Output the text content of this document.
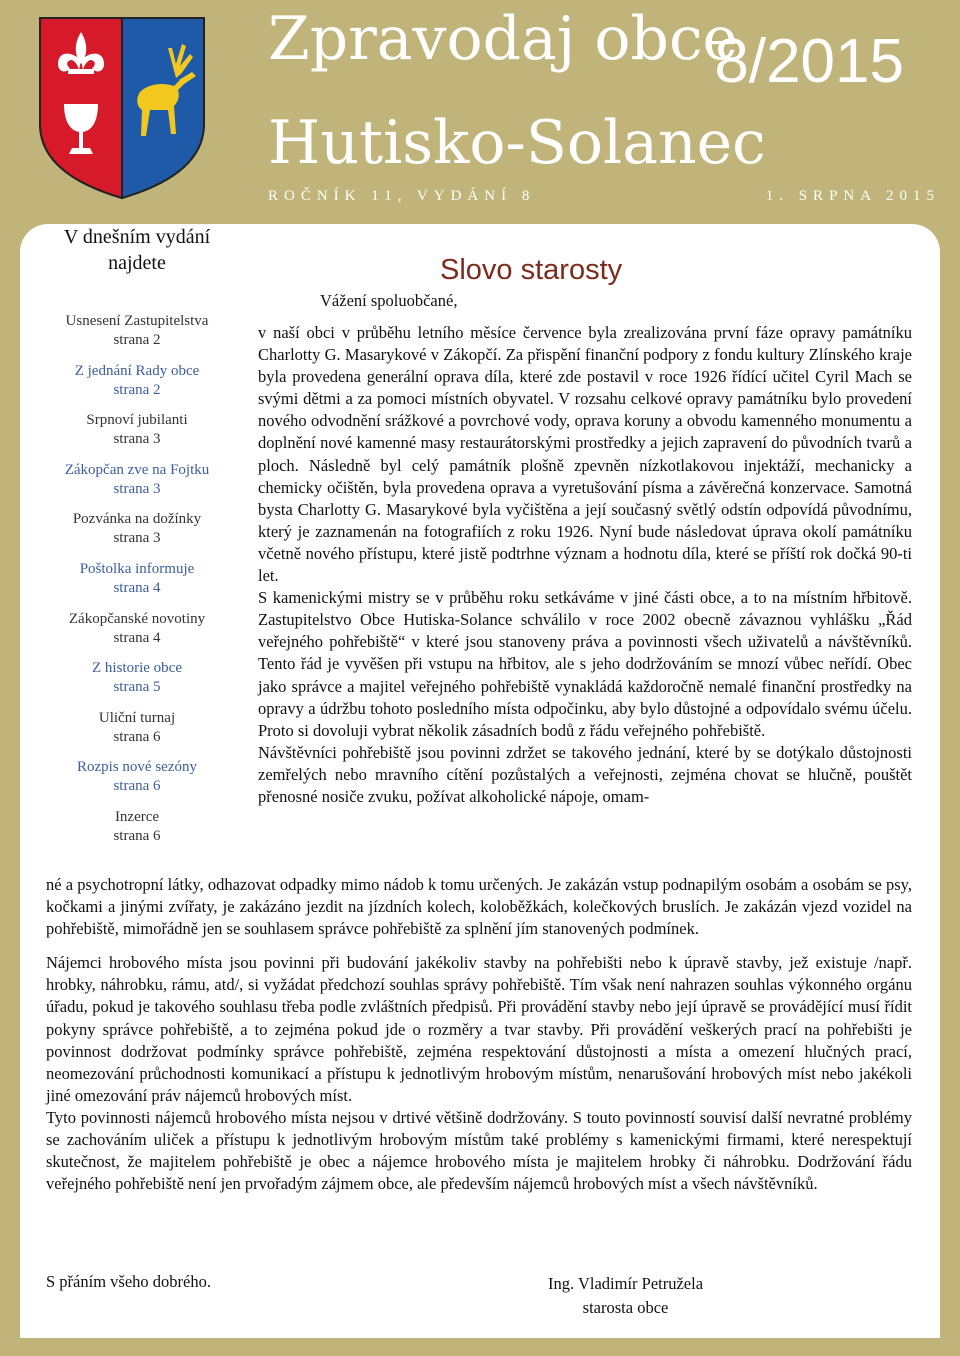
Zpravodaj obce
Hutisko-Solanec
8/2015
ROČNÍK 11, VYDÁNÍ 8	1. SRPNA 2015
V dnešním vydání najdete
Usnesení Zastupitelstva
strana 2
Z jednání Rady obce
strana 2
Srpnoví jubilanti
strana 3
Zákopčan zve na Fojtku
strana 3
Pozvánka na dožínky
strana 3
Poštolka informuje
strana 4
Zákopčanské novotiny
strana 4
Z historie obce
strana 5
Uliční turnaj
strana 6
Rozpis nové sezóny
strana 6
Inzerce
strana 6
Slovo starosty
Vážení spoluobčané,

v naší obci v průběhu letního měsíce července byla zrealizována první fáze opravy památníku Charlotty G. Masarykové v Zákopčí. Za přispění finanční podpory z fondu kultury Zlínského kraje byla provedena generální oprava díla, které zde postavil v roce 1926 řídící učitel Cyril Mach se svými dětmi a za pomoci místních obyvatel. V rozsahu celkové opravy památníku bylo provedení nového odvodnění srážkové a povrchové vody, oprava koruny a obvodu kamenného monumentu a doplnění nové kamenné masy restaurátorskými prostředky a jejich zapravení do původních tvarů a ploch. Následně byl celý památník plošně zpevněn nízkotlakovou injektáží, mechanicky a chemicky očištěn, byla provedena oprava a vyretušování písma a závěrečná konzervace. Samotná bysta Charlotty G. Masarykové byla vyčištěna a její současný světlý odstín odpovídá původnímu, který je zaznamenán na fotografiích z roku 1926. Nyní bude následovat úprava okolí památníku včetně nového přístupu, které jistě podtrhne význam a hodnotu díla, které se příští rok dočká 90-ti let.

S kamenickými mistry se v průběhu roku setkáváme v jiné části obce, a to na místním hřbitově. Zastupitelstvo Obce Hutiska-Solance schválilo v roce 2002 obecně závaznou vyhlášku „Řád veřejného pohřebiště“ v které jsou stanoveny práva a povinnosti všech uživatelů a návštěvníků. Tento řád je vyvěšen při vstupu na hřbitov, ale s jeho dodržováním se mnozí vůbec neřídí. Obec jako správce a majitel veřejného pohřebiště vynakládá každoročně nemalé finanční prostředky na opravy a údržbu tohoto posledního místa odpočinku, aby bylo důstojné a odpovídalo svému účelu. Proto si dovoluji vybrat několik zásadních bodů z řádu veřejného pohřebiště.

Návštěvníci pohřebiště jsou povinni zdržet se takového jednání, které by se dotýkalo důstojnosti zemřelých nebo mravního cítění pozůstalých a veřejnosti, zejména chovat se hlučně, pouštět přenosné nosiče zvuku, požívat alkoholické nápoje, omam-

né a psychotropní látky, odhazovat odpadky mimo nádob k tomu určených. Je zakázán vstup podnapilým osobám a osobám se psy, kočkami a jinými zvířaty, je zakázáno jezdit na jízdních kolech, koloběžkách, kolečkových bruslích. Je zakázán vjezd vozidel na pohřebiště, mimořádně jen se souhlasem správce pohřebiště za splnění jím stanovených podmínek.

Nájemci hrobového místa jsou povinni při budování jakékoliv stavby na pohřebišti nebo k úpravě stavby, jež existuje /např. hrobky, náhrobku, rámu, atd/, si vyžádat předchozí souhlas správy pohřebiště. Tím však není nahrazen souhlas výkonného orgánu úřadu, pokud je takového souhlasu třeba podle zvláštních předpisů. Při provádění stavby nebo její úpravě se provádějící musí řídit pokyny správce pohřebiště, a to zejména pokud jde o rozměry a tvar stavby. Při provádění veškerých prací na pohřebišti je povinnost dodržovat podmínky správce pohřebiště, zejména respektování důstojnosti a místa a omezení hlučných prací, neomezování průchodnosti komunikací a přístupu k jednotlivým hrobovým místům, nenarušování hrobových míst nebo jakékoli jiné omezování práv nájemců hrobových míst.

Tyto povinnosti nájemců hrobového místa nejsou v drtivé většině dodržovány. S touto povinností souvisí další nevratné problémy se zachováním uliček a přístupu k jednotlivým hrobovým místům také problémy s kamenickými firmami, které nerespektují skutečnost, že majitelem pohřebiště je obec a nájemce hrobového místa je majitelem hrobky či náhrobku. Dodržování řádu veřejného pohřebiště není jen prvořadým zájmem obce, ale především nájemců hrobových míst a všech návštěvníků.

S přáním všeho dobrého.	Ing. Vladimír Petružela
starosta obce
